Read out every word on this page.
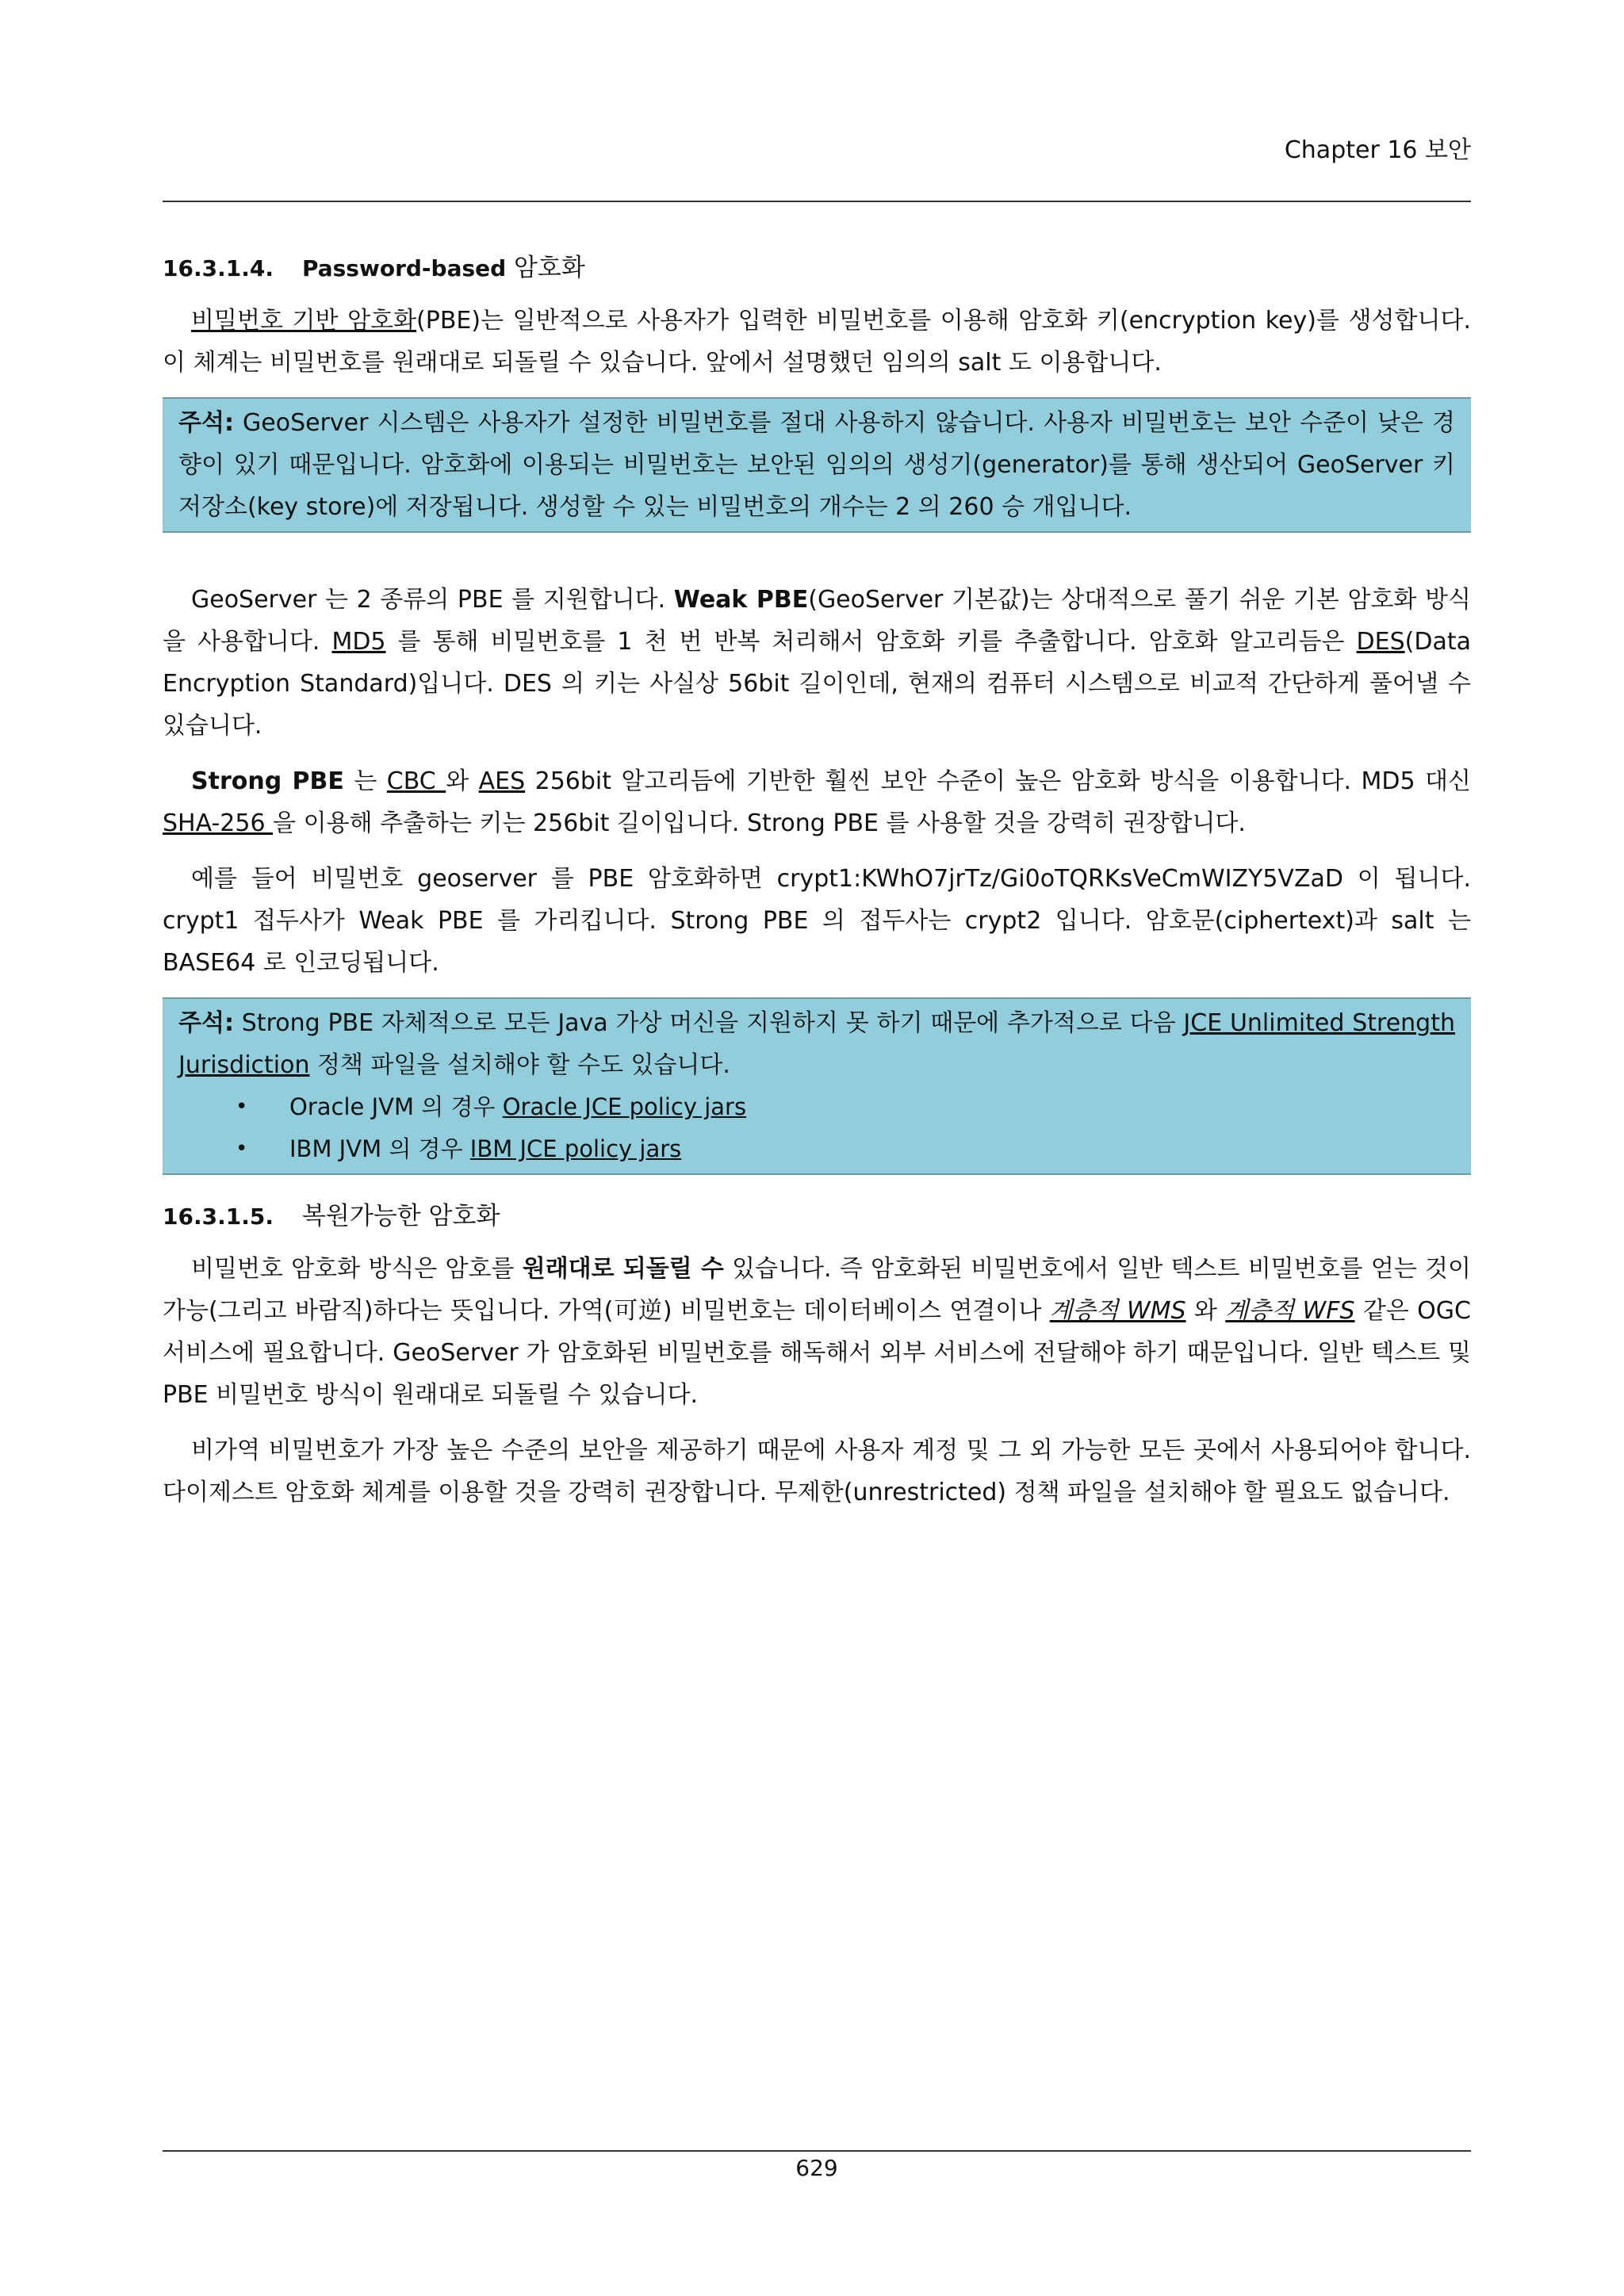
Chapter 16 보안
16.3.1.4. Password-based 암호화

비밀번호 기반 암호화(PBE)는 일반적으로 사용자가 입력한 비밀번호를 이용해 암호화 키(encryption key)를 생성합니다. 이 체계는 비밀번호를 원래대로 되돌릴 수 있습니다. 앞에서 설명했던 임의의 salt 도 이용합니다.

주석: GeoServer 시스템은 사용자가 설정한 비밀번호를 절대 사용하지 않습니다. 사용자 비밀번호는 보안 수준이 낮은 경향이 있기 때문입니다. 암호화에 이용되는 비밀번호는 보안된 임의의 생성기(generator)를 통해 생산되어 GeoServer 키 저장소(key store)에 저장됩니다. 생성할 수 있는 비밀번호의 개수는 2 의 260 승 개입니다.

GeoServer 는 2 종류의 PBE 를 지원합니다. Weak PBE(GeoServer 기본값)는 상대적으로 풀기 쉬운 기본 암호화 방식을 사용합니다. MD5 를 통해 비밀번호를 1 천 번 반복 처리해서 암호화 키를 추출합니다. 암호화 알고리듬은 DES(Data Encryption Standard)입니다. DES 의 키는 사실상 56bit 길이인데, 현재의 컴퓨터 시스템으로 비교적 간단하게 풀어낼 수 있습니다.

Strong PBE 는 CBC 와 AES 256bit 알고리듬에 기반한 훨씬 보안 수준이 높은 암호화 방식을 이용합니다. MD5 대신 SHA-256 을 이용해 추출하는 키는 256bit 길이입니다. Strong PBE 를 사용할 것을 강력히 권장합니다.

예를 들어 비밀번호 geoserver 를 PBE 암호화하면 crypt1:KWhO7jrTz/Gi0oTQRKsVeCmWIZY5VZaD 이 됩니다. crypt1 접두사가 Weak PBE 를 가리킵니다. Strong PBE 의 접두사는 crypt2 입니다. 암호문(ciphertext)과 salt 는 BASE64 로 인코딩됩니다.

주석: Strong PBE 자체적으로 모든 Java 가상 머신을 지원하지 못 하기 때문에 추가적으로 다음 JCE Unlimited Strength Jurisdiction 정책 파일을 설치해야 할 수도 있습니다.

• Oracle JVM 의 경우 Oracle JCE policy jars
• IBM JVM 의 경우 IBM JCE policy jars
16.3.1.5. 복원가능한 암호화

비밀번호 암호화 방식은 암호를 원래대로 되돌릴 수 있습니다. 즉 암호화된 비밀번호에서 일반 텍스트 비밀번호를 얻는 것이 가능(그리고 바람직)하다는 뜻입니다. 가역(可逆) 비밀번호는 데이터베이스 연결이나 계층적 WMS 와 계층적 WFS 같은 OGC 서비스에 필요합니다. GeoServer 가 암호화된 비밀번호를 해독해서 외부 서비스에 전달해야 하기 때문입니다. 일반 텍스트 및 PBE 비밀번호 방식이 원래대로 되돌릴 수 있습니다.

비가역 비밀번호가 가장 높은 수준의 보안을 제공하기 때문에 사용자 계정 및 그 외 가능한 모든 곳에서 사용되어야 합니다. 다이제스트 암호화 체계를 이용할 것을 강력히 권장합니다. 무제한(unrestricted) 정책 파일을 설치해야 할 필요도 없습니다.

629
